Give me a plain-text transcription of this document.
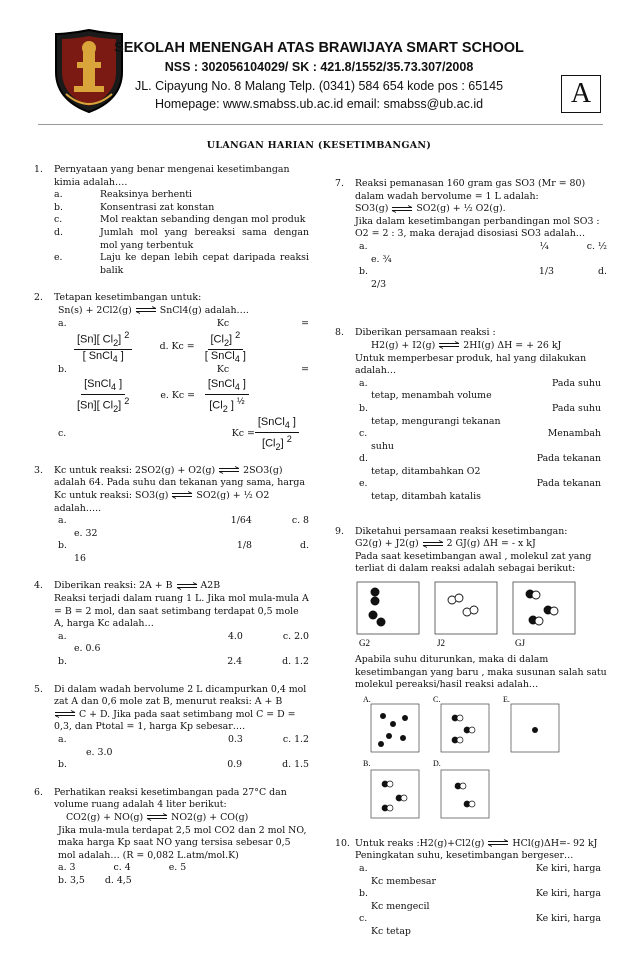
SEKOLAH MENENGAH ATAS BRAWIJAYA SMART SCHOOL
NSS : 302056104029/ SK : 421.8/1552/35.73.307/2008
JL. Cipayung No. 8 Malang Telp. (0341) 584 654 kode pos : 65145
Homepage: www.smabss.ub.ac.id email: smabss@ub.ac.id	A
ULANGAN HARIAN (KESETIMBANGAN)
1. Pernyataan yang benar mengenai kesetimbangan kimia adalah….
a.	Reaksinya berhenti
b.	Konsentrasi zat konstan
c.	Mol reaktan sebanding dengan mol produk
d.	Jumlah mol yang bereaksi sama dengan mol yang terbentuk
e.	Laju ke depan lebih cepat daripada reaksi balik
2. Tetapan kesetimbangan untuk:
Sn(s) + 2Cl2(g) ⇌ SnCl4(g) adalah….
a.	Kc	=
$\frac{[Sn][ Cl_2] ^2}{[ SnCl_4 ]}$	d. $Kc = \frac{[Cl_2] ^2}{[ SnCl_4 ]}$
b.	Kc	=
$\frac{[SnCl_4 ]}{[Sn][ Cl_2] ^2}$	e. $Kc = \frac{[SnCl_4 ]}{[Cl_2 ] ^{\frac{1}{2}}}$
c.	$Kc = \frac{[SnCl_4 ]}{[Cl_2] ^2}$
3. Kc untuk reaksi: 2SO2(g) + O2(g) ⇌ 2SO3(g) adalah 64. Pada suhu dan tekanan yang sama, harga Kc untuk reaksi: SO3(g) ⇌ SO2(g) + ½ O2 adalah…..
a.	1/64	c. 8
e. 32
b.	1/8	d.
16
4. Diberikan reaksi: 2A + B ⇌ A2B
Reaksi terjadi dalam ruang 1 L. Jika mol mula-mula A = B = 2 mol, dan saat setimbang terdapat 0,5 mole A, harga Kc adalah…
a.	4.0	c. 2.0
e. 0.6
b.	2.4	d. 1.2
5. Di dalam wadah bervolume 2 L dicampurkan 0,4 mol zat A dan 0,6 mole zat B, menurut reaksi: A + B
⇌ C + D. Jika pada saat setimbang mol C = D = 0,3, dan Ptotal = 1, harga Kp sebesar….
a.	0.3	c. 1.2
e. 3.0
b.	0.9	d. 1.5
6. Perhatikan reaksi kesetimbangan pada 27°C dan volume ruang adalah 4 liter berikut:
CO2(g) + NO(g) ⇌ NO2(g) + CO(g)
Jika mula-mula terdapat 2,5 mol CO2 dan 2 mol NO, maka harga Kp saat NO yang tersisa sebesar 0,5 mol adalah… (R = 0,082 L.atm/mol.K)
a. 3	c. 4	e. 5
b. 3,5 d. 4,5
7. Reaksi pemanasan 160 gram gas SO3 (Mr = 80) dalam wadah bervolume = 1 L adalah:
SO3(g) ⇌ SO2(g) + ½ O2(g).
Jika dalam kesetimbangan perbandingan mol SO3 : O2 = 2 : 3, maka derajad disosiasi SO3 adalah…
a.	¼	c. ½
e. ¾
b.	1/3	d.
2/3
8. Diberikan persamaan reaksi :
H2(g) + I2(g) ⇌ 2HI(g) ΔH = + 26 kJ
Untuk memperbesar produk, hal yang dilakukan adalah…
a.	Pada suhu
tetap, menambah volume
b.	Pada suhu
tetap, mengurangi tekanan
c.	Menambah
suhu
d.	Pada tekanan
tetap, ditambahkan O2
e.	Pada tekanan
tetap, ditambah katalis
9. Diketahui persamaan reaksi kesetimbangan:
G2(g) + J2(g) ⇌ 2 GJ(g) ΔH = - x kJ
Pada saat kesetimbangan awal , molekul zat yang terliat di dalam reaksi adalah sebagai berikut:
G2	J2	GJ
Apabila suhu diturunkan, maka di dalam kesetimbangan yang baru , maka susunan salah satu molekul pereaksi/hasil reaksi adalah…
A.	C.	E.
B.	D.
10. Untuk reaks :H2(g)+Cl2(g) ⇌ HCl(g)ΔH=- 92 kJ
Peningkatan suhu, kesetimbangan bergeser…
a.	Ke kiri, harga
Kc membesar
b.	Ke kiri, harga
Kc mengecil
c.	Ke kiri, harga
Kc tetap
